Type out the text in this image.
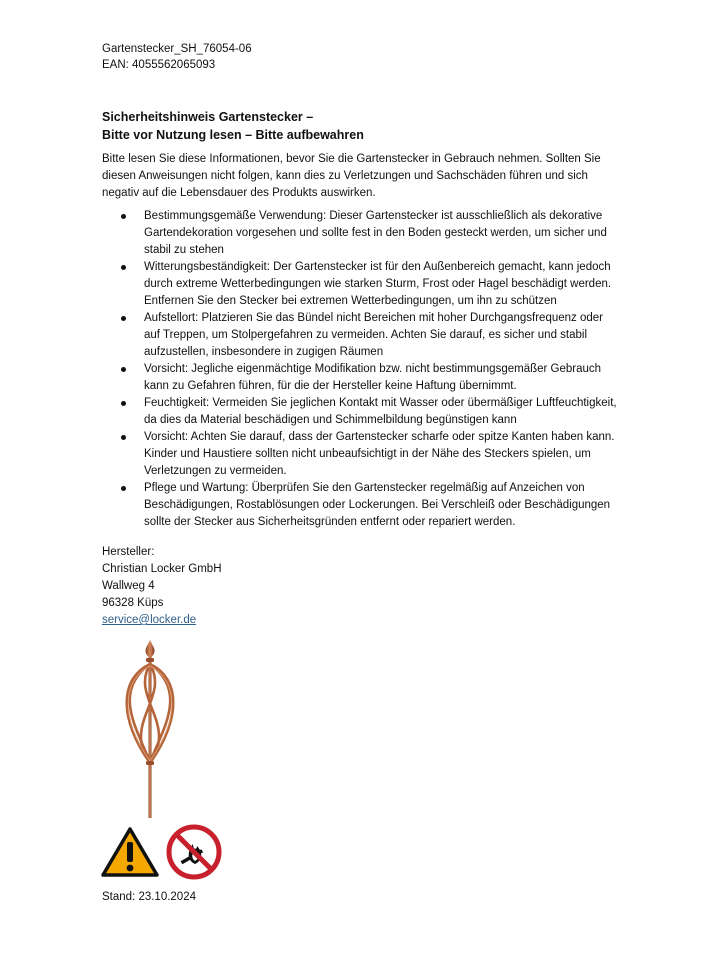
Gartenstecker_SH_76054-06
EAN: 4055562065093
Sicherheitshinweis Gartenstecker –
Bitte vor Nutzung lesen – Bitte aufbewahren
Bitte lesen Sie diese Informationen, bevor Sie die Gartenstecker in Gebrauch nehmen. Sollten Sie diesen Anweisungen nicht folgen, kann dies zu Verletzungen und Sachschäden führen und sich negativ auf die Lebensdauer des Produkts auswirken.
Bestimmungsgemäße Verwendung: Dieser Gartenstecker ist ausschließlich als dekorative Gartendekoration vorgesehen und sollte fest in den Boden gesteckt werden, um sicher und stabil zu stehen
Witterungsbeständigkeit: Der Gartenstecker ist für den Außenbereich gemacht, kann jedoch durch extreme Wetterbedingungen wie starken Sturm, Frost oder Hagel beschädigt werden. Entfernen Sie den Stecker bei extremen Wetterbedingungen, um ihn zu schützen
Aufstellort: Platzieren Sie das Bündel nicht Bereichen mit hoher Durchgangsfrequenz oder auf Treppen, um Stolpergefahren zu vermeiden. Achten Sie darauf, es sicher und stabil aufzustellen, insbesondere in zugigen Räumen
Vorsicht: Jegliche eigenmächtige Modifikation bzw. nicht bestimmungsgemäßer Gebrauch kann zu Gefahren führen, für die der Hersteller keine Haftung übernimmt.
Feuchtigkeit: Vermeiden Sie jeglichen Kontakt mit Wasser oder übermäßiger Luftfeuchtigkeit, da dies da Material beschädigen und Schimmelbildung begünstigen kann
Vorsicht: Achten Sie darauf, dass der Gartenstecker scharfe oder spitze Kanten haben kann. Kinder und Haustiere sollten nicht unbeaufsichtigt in der Nähe des Steckers spielen, um Verletzungen zu vermeiden.
Pflege und Wartung: Überprüfen Sie den Gartenstecker regelmäßig auf Anzeichen von Beschädigungen, Rostablösungen oder Lockerungen. Bei Verschleiß oder Beschädigungen sollte der Stecker aus Sicherheitsgründen entfernt oder repariert werden.
Hersteller:
Christian Locker GmbH
Wallweg 4
96328 Küps
service@locker.de
Stand: 23.10.2024
